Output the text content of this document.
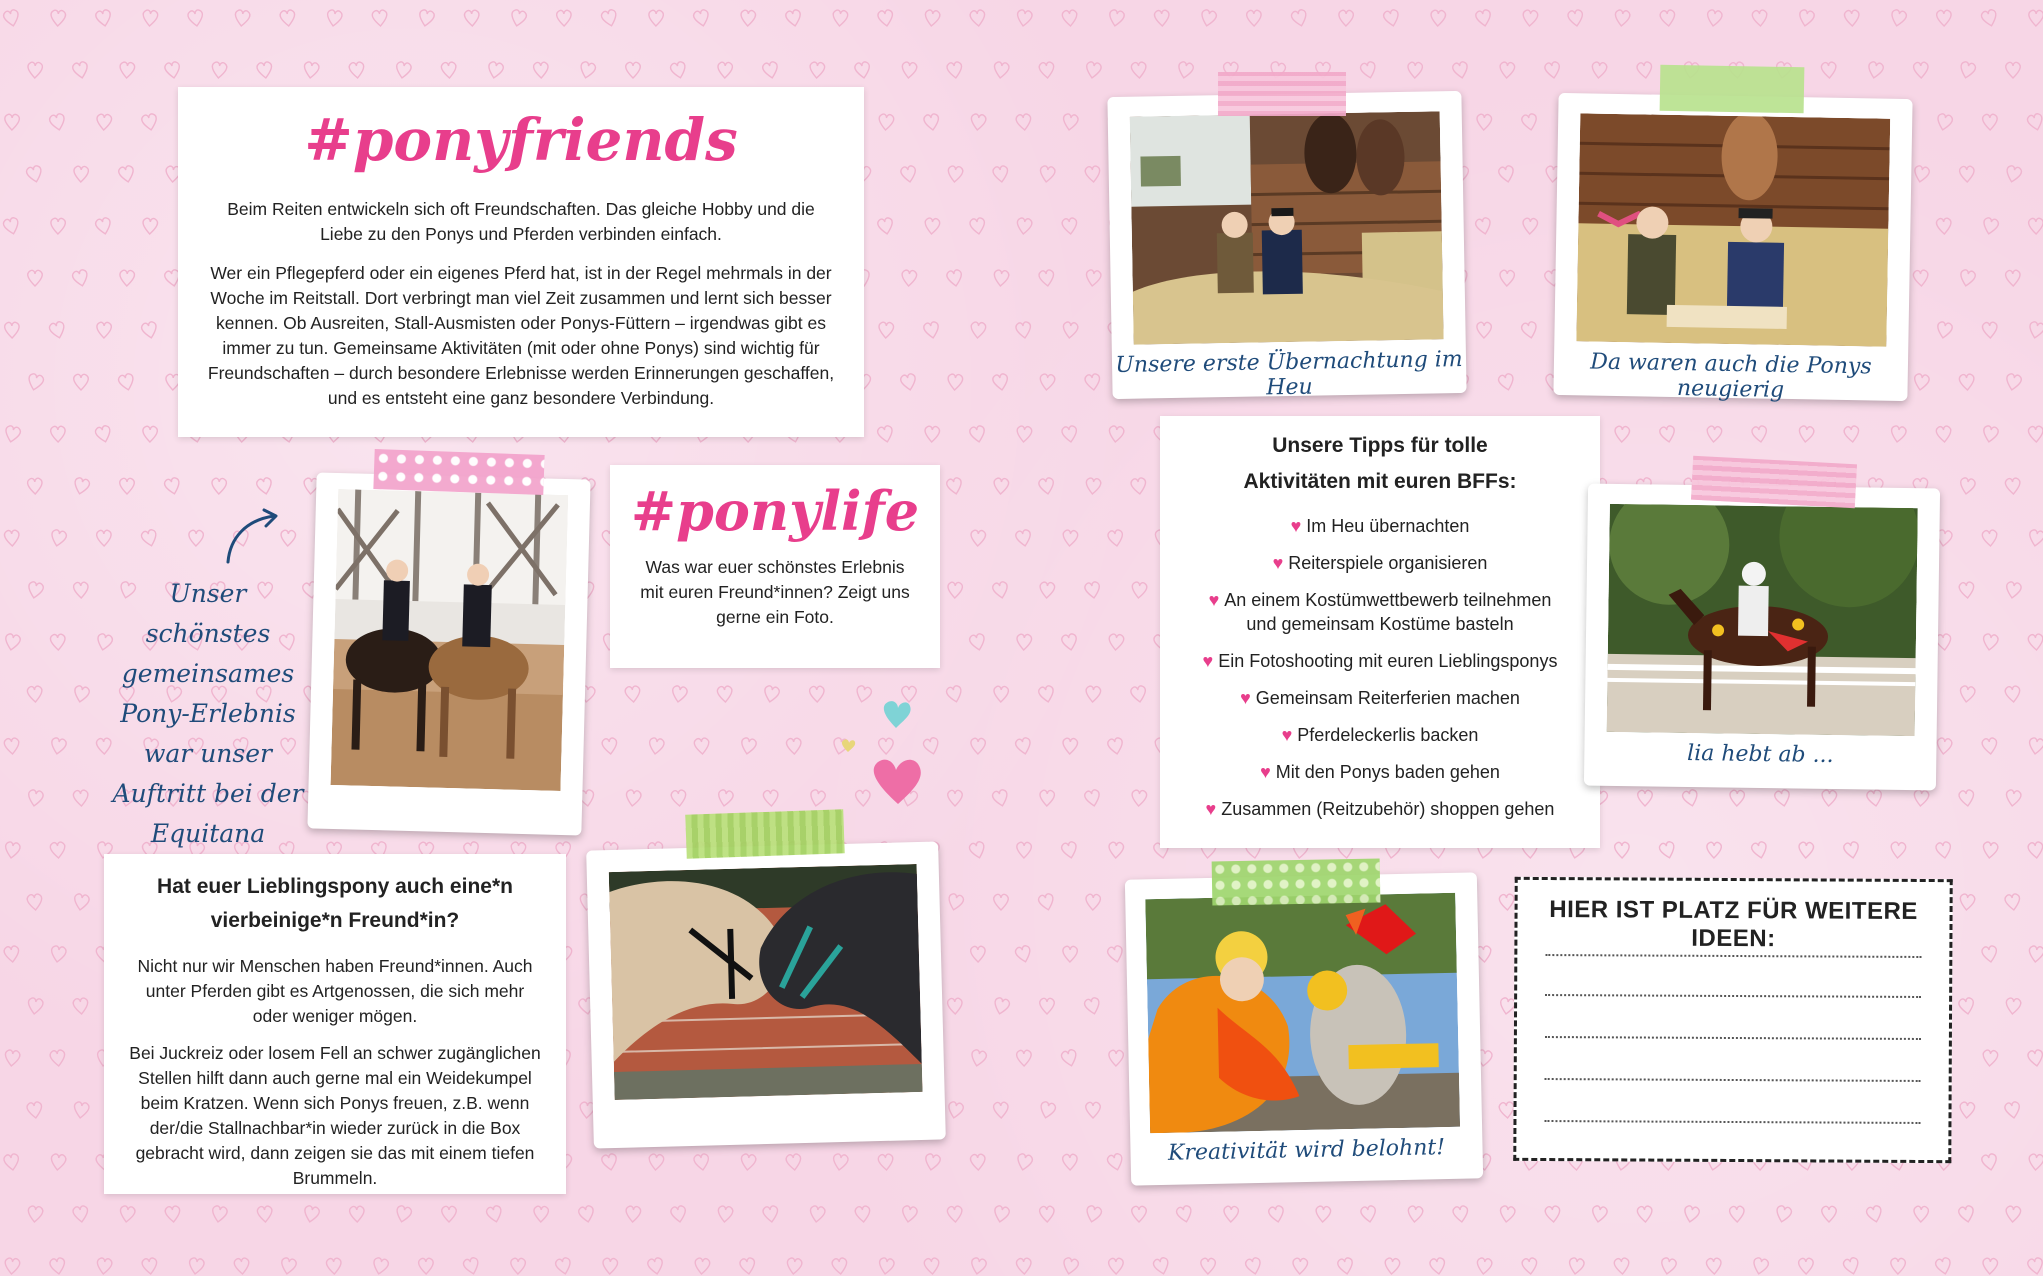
#ponyfriends

Beim Reiten entwickeln sich oft Freundschaften. Das gleiche Hobby und die Liebe zu den Ponys und Pferden verbinden einfach.

Wer ein Pflegepferd oder ein eigenes Pferd hat, ist in der Regel mehrmals in der Woche im Reitstall. Dort verbringt man viel Zeit zusammen und lernt sich besser kennen. Ob Ausreiten, Stall-Ausmisten oder Ponys-Füttern – irgendwas gibt es immer zu tun. Gemeinsame Aktivitäten (mit oder ohne Ponys) sind wichtig für Freundschaften – durch besondere Erlebnisse werden Erinnerungen geschaffen, und es entsteht eine ganz besondere Verbindung.

Unser schönstes gemeinsames Pony-Erlebnis war unser Auftritt bei der Equitana
#ponylife

Was war euer schönstes Erlebnis mit euren Freund*innen? Zeigt uns gerne ein Foto.

Hat euer Lieblingspony auch eine*n vierbeinige*n Freund*in?

Nicht nur wir Menschen haben Freund*innen. Auch unter Pferden gibt es Artgenossen, die sich mehr oder weniger mögen.

Bei Juckreiz oder losem Fell an schwer zugänglichen Stellen hilft dann auch gerne mal ein Weidekumpel beim Kratzen. Wenn sich Ponys freuen, z.B. wenn der/die Stallnachbar*in wieder zurück in die Box gebracht wird, dann zeigen sie das mit einem tiefen Brummeln.

Unsere erste Übernachtung im Heu
Da waren auch die Ponys neugierig
Unsere Tipps für tolle Aktivitäten mit euren BFFs:
♥ Im Heu übernachten
♥ Reiterspiele organisieren
♥ An einem Kostümwettbewerb teilnehmen und gemeinsam Kostüme basteln
♥ Ein Fotoshooting mit euren Lieblingsponys
♥ Gemeinsam Reiterferien machen
♥ Pferdeleckerlis backen
♥ Mit den Ponys baden gehen
♥ Zusammen (Reitzubehör) shoppen gehen
lia hebt ab ...
Kreativität wird belohnt!
HIER IST PLATZ FÜR WEITERE IDEEN:
